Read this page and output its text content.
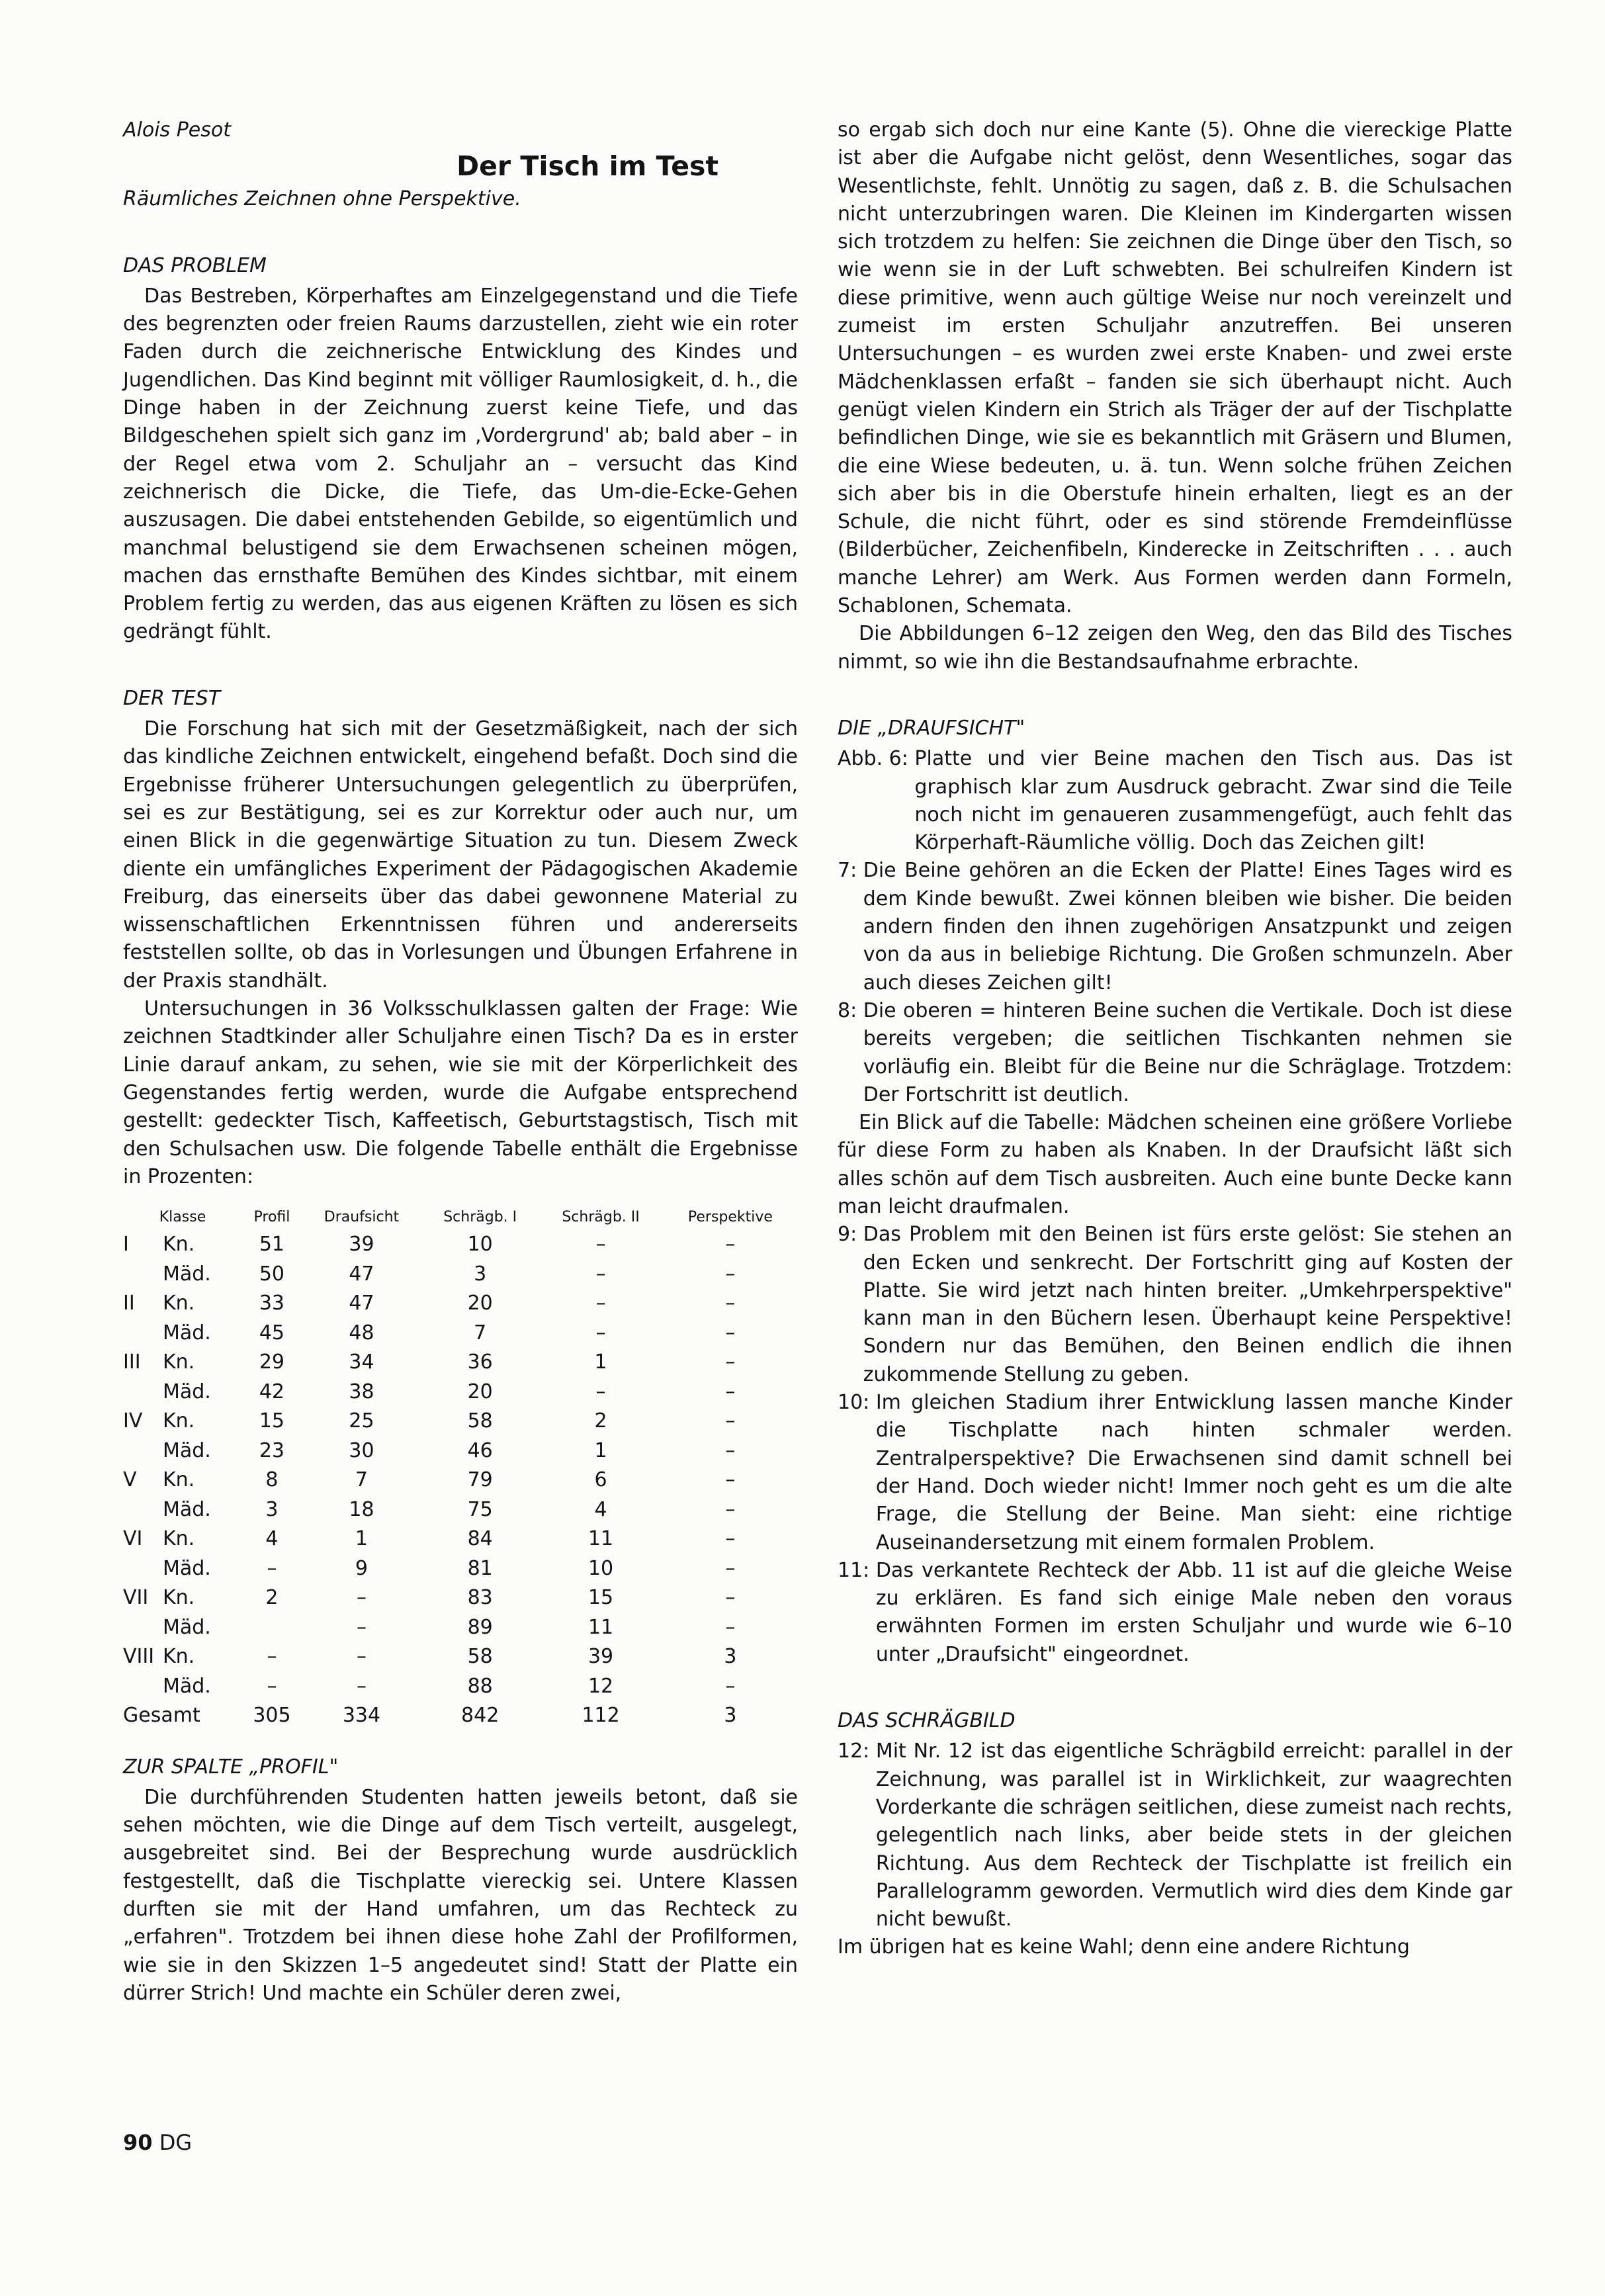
Alois Pesot

Der Tisch im Test

Räumliches Zeichnen ohne Perspektive.

DAS PROBLEM

Das Bestreben, Körperhaftes am Einzelgegenstand und die Tiefe des begrenzten oder freien Raums darzustellen, zieht wie ein roter Faden durch die zeichnerische Entwicklung des Kindes und Jugendlichen. Das Kind beginnt mit völliger Raumlosigkeit, d. h., die Dinge haben in der Zeichnung zuerst keine Tiefe, und das Bildgeschehen spielt sich ganz im ‚Vordergrund' ab; bald aber – in der Regel etwa vom 2. Schuljahr an – versucht das Kind zeichnerisch die Dicke, die Tiefe, das Um-die-Ecke-Gehen auszusagen. Die dabei entstehenden Gebilde, so eigentümlich und manchmal belustigend sie dem Erwachsenen scheinen mögen, machen das ernsthafte Bemühen des Kindes sichtbar, mit einem Problem fertig zu werden, das aus eigenen Kräften zu lösen es sich gedrängt fühlt.

DER TEST

Die Forschung hat sich mit der Gesetzmäßigkeit, nach der sich das kindliche Zeichnen entwickelt, eingehend befaßt. Doch sind die Ergebnisse früherer Untersuchungen gelegentlich zu überprüfen, sei es zur Bestätigung, sei es zur Korrektur oder auch nur, um einen Blick in die gegenwärtige Situation zu tun. Diesem Zweck diente ein umfängliches Experiment der Pädagogischen Akademie Freiburg, das einerseits über das dabei gewonnene Material zu wissenschaftlichen Erkenntnissen führen und andererseits feststellen sollte, ob das in Vorlesungen und Übungen Erfahrene in der Praxis standhält.

Untersuchungen in 36 Volksschulklassen galten der Frage: Wie zeichnen Stadtkinder aller Schuljahre einen Tisch? Da es in erster Linie darauf ankam, zu sehen, wie sie mit der Körperlichkeit des Gegenstandes fertig werden, wurde die Aufgabe entsprechend gestellt: gedeckter Tisch, Kaffeetisch, Geburtstagstisch, Tisch mit den Schulsachen usw. Die folgende Tabelle enthält die Ergebnisse in Prozenten:

Klasse		Profil	Draufsicht	Schrägb. I	Schrägb. II	Perspektive
I	Kn.	51	39	10	–	–
	Mäd.	50	47	3	–	–
II	Kn.	33	47	20	–	–
	Mäd.	45	48	7	–	–
III	Kn.	29	34	36	1	–
	Mäd.	42	38	20	–	–
IV	Kn.	15	25	58	2	–
	Mäd.	23	30	46	1	–
V	Kn.	8	7	79	6	–
	Mäd.	3	18	75	4	–
VI	Kn.	4	1	84	11	–
	Mäd.	–	9	81	10	–
VII	Kn.	2	–	83	15	–
	Mäd.		–	89	11	–
VIII	Kn.	–	–	58	39	3
	Mäd.	–	–	88	12	–
Gesamt		305	334	842	112	3

ZUR SPALTE „PROFIL"

Die durchführenden Studenten hatten jeweils betont, daß sie sehen möchten, wie die Dinge auf dem Tisch verteilt, ausgelegt, ausgebreitet sind. Bei der Besprechung wurde ausdrücklich festgestellt, daß die Tischplatte viereckig sei. Untere Klassen durften sie mit der Hand umfahren, um das Rechteck zu „erfahren". Trotzdem bei ihnen diese hohe Zahl der Profilformen, wie sie in den Skizzen 1–5 angedeutet sind! Statt der Platte ein dürrer Strich! Und machte ein Schüler deren zwei,

so ergab sich doch nur eine Kante (5). Ohne die viereckige Platte ist aber die Aufgabe nicht gelöst, denn Wesentliches, sogar das Wesentlichste, fehlt. Unnötig zu sagen, daß z. B. die Schulsachen nicht unterzubringen waren. Die Kleinen im Kindergarten wissen sich trotzdem zu helfen: Sie zeichnen die Dinge über den Tisch, so wie wenn sie in der Luft schwebten. Bei schulreifen Kindern ist diese primitive, wenn auch gültige Weise nur noch vereinzelt und zumeist im ersten Schuljahr anzutreffen. Bei unseren Untersuchungen – es wurden zwei erste Knaben- und zwei erste Mädchenklassen erfaßt – fanden sie sich überhaupt nicht. Auch genügt vielen Kindern ein Strich als Träger der auf der Tischplatte befindlichen Dinge, wie sie es bekanntlich mit Gräsern und Blumen, die eine Wiese bedeuten, u. ä. tun. Wenn solche frühen Zeichen sich aber bis in die Oberstufe hinein erhalten, liegt es an der Schule, die nicht führt, oder es sind störende Fremdeinflüsse (Bilderbücher, Zeichenfibeln, Kinderecke in Zeitschriften . . . auch manche Lehrer) am Werk. Aus Formen werden dann Formeln, Schablonen, Schemata.

Die Abbildungen 6–12 zeigen den Weg, den das Bild des Tisches nimmt, so wie ihn die Bestandsaufnahme erbrachte.

DIE „DRAUFSICHT"

Abb. 6: Platte und vier Beine machen den Tisch aus. Das ist graphisch klar zum Ausdruck gebracht. Zwar sind die Teile noch nicht im genaueren zusammengefügt, auch fehlt das Körperhaft-Räumliche völlig. Doch das Zeichen gilt!
7: Die Beine gehören an die Ecken der Platte! Eines Tages wird es dem Kinde bewußt. Zwei können bleiben wie bisher. Die beiden andern finden den ihnen zugehörigen Ansatzpunkt und zeigen von da aus in beliebige Richtung. Die Großen schmunzeln. Aber auch dieses Zeichen gilt!
8: Die oberen = hinteren Beine suchen die Vertikale. Doch ist diese bereits vergeben; die seitlichen Tischkanten nehmen sie vorläufig ein. Bleibt für die Beine nur die Schräglage. Trotzdem: Der Fortschritt ist deutlich.

Ein Blick auf die Tabelle: Mädchen scheinen eine größere Vorliebe für diese Form zu haben als Knaben. In der Draufsicht läßt sich alles schön auf dem Tisch ausbreiten. Auch eine bunte Decke kann man leicht draufmalen.

9: Das Problem mit den Beinen ist fürs erste gelöst: Sie stehen an den Ecken und senkrecht. Der Fortschritt ging auf Kosten der Platte. Sie wird jetzt nach hinten breiter. „Umkehrperspektive" kann man in den Büchern lesen. Überhaupt keine Perspektive! Sondern nur das Bemühen, den Beinen endlich die ihnen zukommende Stellung zu geben.
10: Im gleichen Stadium ihrer Entwicklung lassen manche Kinder die Tischplatte nach hinten schmaler werden. Zentralperspektive? Die Erwachsenen sind damit schnell bei der Hand. Doch wieder nicht! Immer noch geht es um die alte Frage, die Stellung der Beine. Man sieht: eine richtige Auseinandersetzung mit einem formalen Problem.
11: Das verkantete Rechteck der Abb. 11 ist auf die gleiche Weise zu erklären. Es fand sich einige Male neben den voraus erwähnten Formen im ersten Schuljahr und wurde wie 6–10 unter „Draufsicht" eingeordnet.

DAS SCHRÄGBILD

12: Mit Nr. 12 ist das eigentliche Schrägbild erreicht: parallel in der Zeichnung, was parallel ist in Wirklichkeit, zur waagrechten Vorderkante die schrägen seitlichen, diese zumeist nach rechts, gelegentlich nach links, aber beide stets in der gleichen Richtung. Aus dem Rechteck der Tischplatte ist freilich ein Parallelogramm geworden. Vermutlich wird dies dem Kinde gar nicht bewußt.

Im übrigen hat es keine Wahl; denn eine andere Richtung

90 DG
